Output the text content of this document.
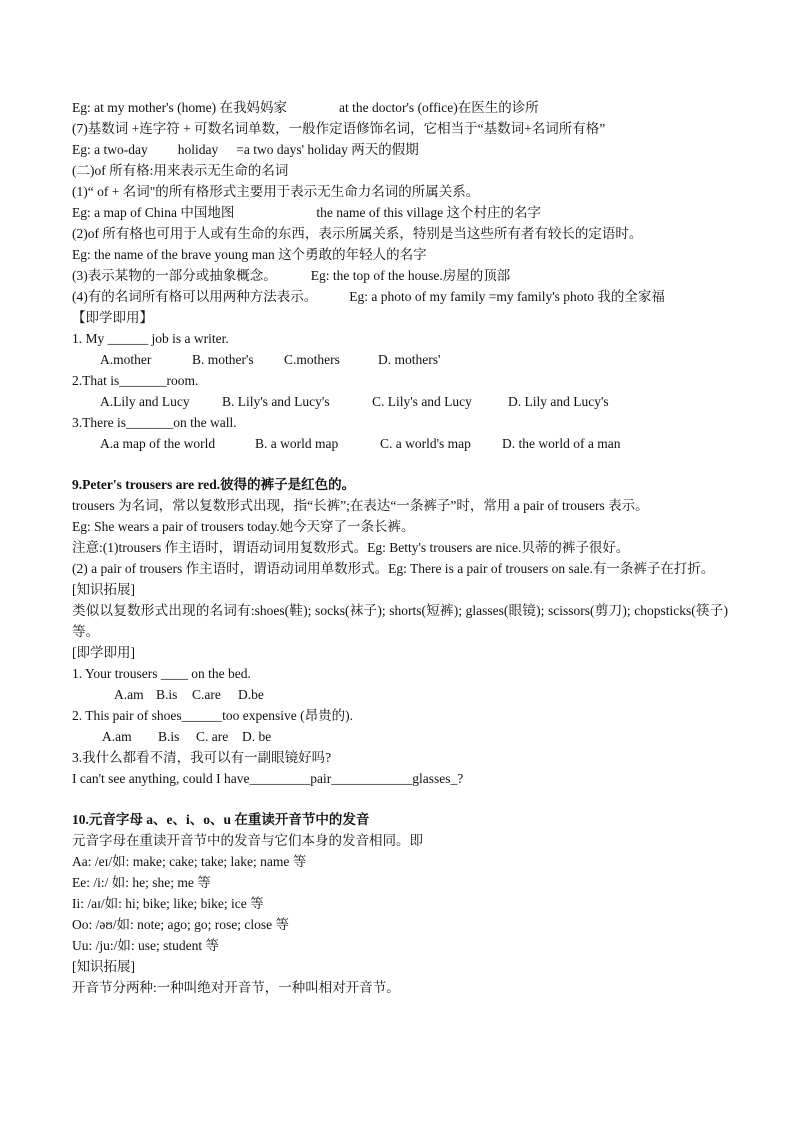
Eg: at my mother's (home) 在我妈妈家	at the doctor's (office)在医生的诊所
(7)基数词 +连字符 + 可数名词单数，一般作定语修饰名词，它相当于“基数词+名词所有格”
Eg: a two-day holiday =a two days' holiday 两天的假期
(二)of 所有格:用来表示无生命的名词
(1)“ of + 名词"的所有格形式主要用于表示无生命力名词的所属关系。
Eg: a map of China 中国地图	the name of this village 这个村庄的名字
(2)of 所有格也可用于人或有生命的东西，表示所属关系，特别是当这些所有者有较长的定语时。
Eg: the name of the brave young man 这个勇敢的年轻人的名字
(3)表示某物的一部分或抽象概念。	Eg: the top of the house.房屋的顶部
(4)有的名词所有格可以用两种方法表示。 Eg: a photo of my family =my family's photo 我的全家福
【即学即用】
1. My ______ job is a writer.
A.mother	B. mother's C.mothers	D. mothers'
2.That is_______room.
A.Lily and Lucy B. Lily's and Lucy's	C. Lily's and Lucy	D. Lily and Lucy's
3.There is_______on the wall.
A.a map of the world	B. a world map	C. a world's map D. the world of a man
9.Peter's trousers are red.彼得的裤子是红色的。
trousers 为名词，常以复数形式出现，指“长裤”;在表达“一条裤子”时，常用 a pair of trousers 表示。
Eg: She wears a pair of trousers today.她今天穿了一条长裤。
注意:(1)trousers 作主语时，谓语动词用复数形式。Eg: Betty's trousers are nice.贝蒂的裤子很好。
(2) a pair of trousers 作主语时，谓语动词用单数形式。Eg: There is a pair of trousers on sale.有一条裤子在打折。
[知识拓展]
类似以复数形式出现的名词有:shoes(鞋); socks(袜子); shorts(短裤); glasses(眼镜); scissors(剪刀); chopsticks(筷子)等。
[即学即用]
1. Your trousers ____ on the bed.
A.am B.is C.are D.be
2. This pair of shoes______too expensive (昂贵的).
A.am B.is C. are D. be
3.我什么都看不清，我可以有一副眼镜好吗?
I can't see anything, could I have_________pair____________glasses_?
10.元音字母 a、e、i、o、u 在重读开音节中的发音
元音字母在重读开音节中的发音与它们本身的发音相同。即
Aa: /eɪ/如: make; cake; take; lake; name 等
Ee: /i:/ 如: he; she; me 等
Ii: /aɪ/如: hi; bike; like; bike; ice 等
Oo: /əʊ/如: note; ago; go; rose; close 等
Uu: /ju:/如: use; student 等
[知识拓展]
开音节分两种:一种叫绝对开音节，一种叫相对开音节。
